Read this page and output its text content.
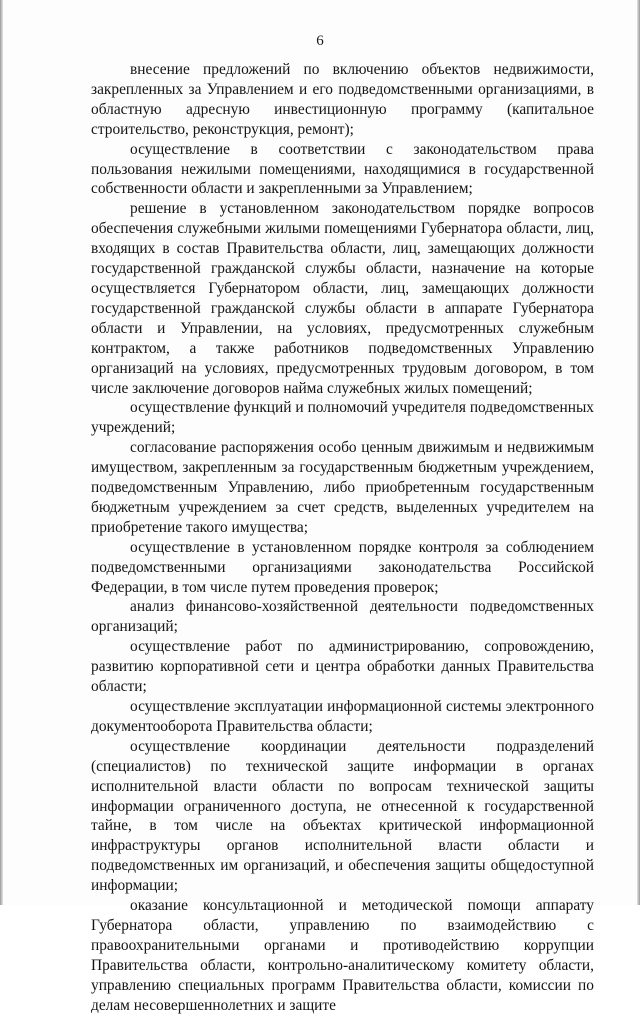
6

внесение предложений по включению объектов недвижимости, закрепленных за Управлением и его подведомственными организациями, в областную адресную инвестиционную программу (капитальное строительство, реконструкция, ремонт);

осуществление в соответствии с законодательством права пользования нежилыми помещениями, находящимися в государственной собственности области и закрепленными за Управлением;

решение в установленном законодательством порядке вопросов обеспечения служебными жилыми помещениями Губернатора области, лиц, входящих в состав Правительства области, лиц, замещающих должности государственной гражданской службы области, назначение на которые осуществляется Губернатором области, лиц, замещающих должности государственной гражданской службы области в аппарате Губернатора области и Управлении, на условиях, предусмотренных служебным контрактом, а также работников подведомственных Управлению организаций на условиях, предусмотренных трудовым договором, в том числе заключение договоров найма служебных жилых помещений;

осуществление функций и полномочий учредителя подведомственных учреждений;

согласование распоряжения особо ценным движимым и недвижимым имуществом, закрепленным за государственным бюджетным учреждением, подведомственным Управлению, либо приобретенным государственным бюджетным учреждением за счет средств, выделенных учредителем на приобретение такого имущества;

осуществление в установленном порядке контроля за соблюдением подведомственными организациями законодательства Российской Федерации, в том числе путем проведения проверок;

анализ финансово-хозяйственной деятельности подведомственных организаций;

осуществление работ по администрированию, сопровождению, развитию корпоративной сети и центра обработки данных Правительства области;

осуществление эксплуатации информационной системы электронного документооборота Правительства области;

осуществление координации деятельности подразделений (специалистов) по технической защите информации в органах исполнительной власти области по вопросам технической защиты информации ограниченного доступа, не отнесенной к государственной тайне, в том числе на объектах критической информационной инфраструктуры органов исполнительной власти области и подведомственных им организаций, и обеспечения защиты общедоступной информации;

оказание консультационной и методической помощи аппарату Губернатора области, управлению по взаимодействию с правоохранительными органами и противодействию коррупции Правительства области, контрольно-аналитическому комитету области, управлению специальных программ Правительства области, комиссии по делам несовершеннолетних и защите
